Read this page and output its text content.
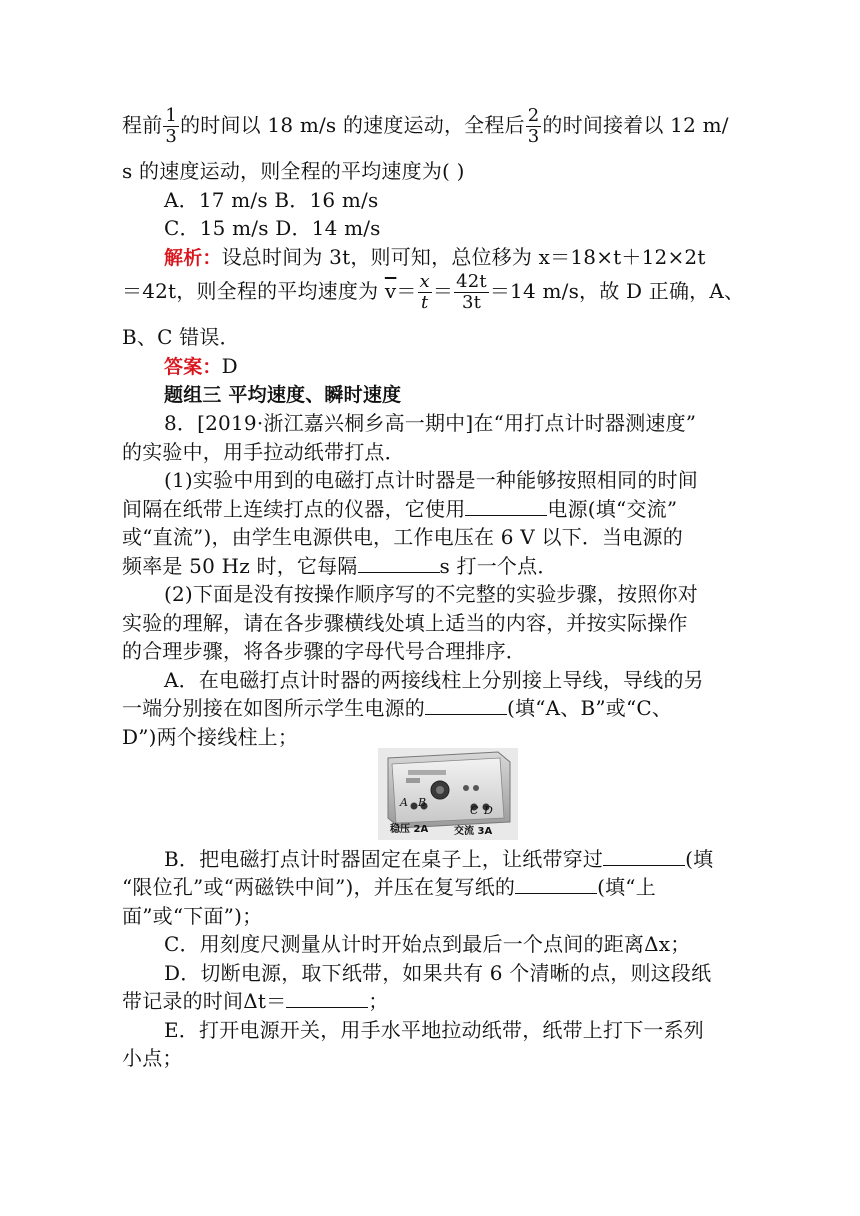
程前 $\frac{1}{3}$ 的时间以 18 m/s 的速度运动，全程后 $\frac{2}{3}$ 的时间接着以 12 m/
s 的速度运动，则全程的平均速度为( )
A．17 m/s B．16 m/s
C．15 m/s D．14 m/s
解析：设总时间为 3t，则可知，总位移为 x＝18×t＋12×2t
＝42t，则全程的平均速度为 $\overline{v}= \frac{x}{t} = \frac{42t}{3t} =14$ m/s，故 D 正确，A、
B、C 错误．
答案：D
题组三 平均速度、瞬时速度
8．[2019·浙江嘉兴桐乡高一期中]在“用打点计时器测速度”
的实验中，用手拉动纸带打点．
(1)实验中用到的电磁打点计时器是一种能够按照相同的时间
间隔在纸带上连续打点的仪器，它使用	电源(填“交流”
或“直流”)，由学生电源供电，工作电压在 6 V 以下．当电源的
频率是 50 Hz 时，它每隔	s 打一个点．
(2)下面是没有按操作顺序写的不完整的实验步骤，按照你对
实验的理解，请在各步骤横线处填上适当的内容，并按实际操作
的合理步骤，将各步骤的字母代号合理排序．
A．在电磁打点计时器的两接线柱上分别接上导线，导线的另
一端分别接在如图所示学生电源的	(填“A、B”或“C、
D”)两个接线柱上；
A B
C D
稳压 2A	交流 3A
B．把电磁打点计时器固定在桌子上，让纸带穿过	(填
“限位孔”或“两磁铁中间”)，并压在复写纸的	(填“上
面”或“下面”)；
C．用刻度尺测量从计时开始点到最后一个点间的距离Δx；
D．切断电源，取下纸带，如果共有 6 个清晰的点，则这段纸
带记录的时间Δt＝	；
E．打开电源开关，用手水平地拉动纸带，纸带上打下一系列
小点；
